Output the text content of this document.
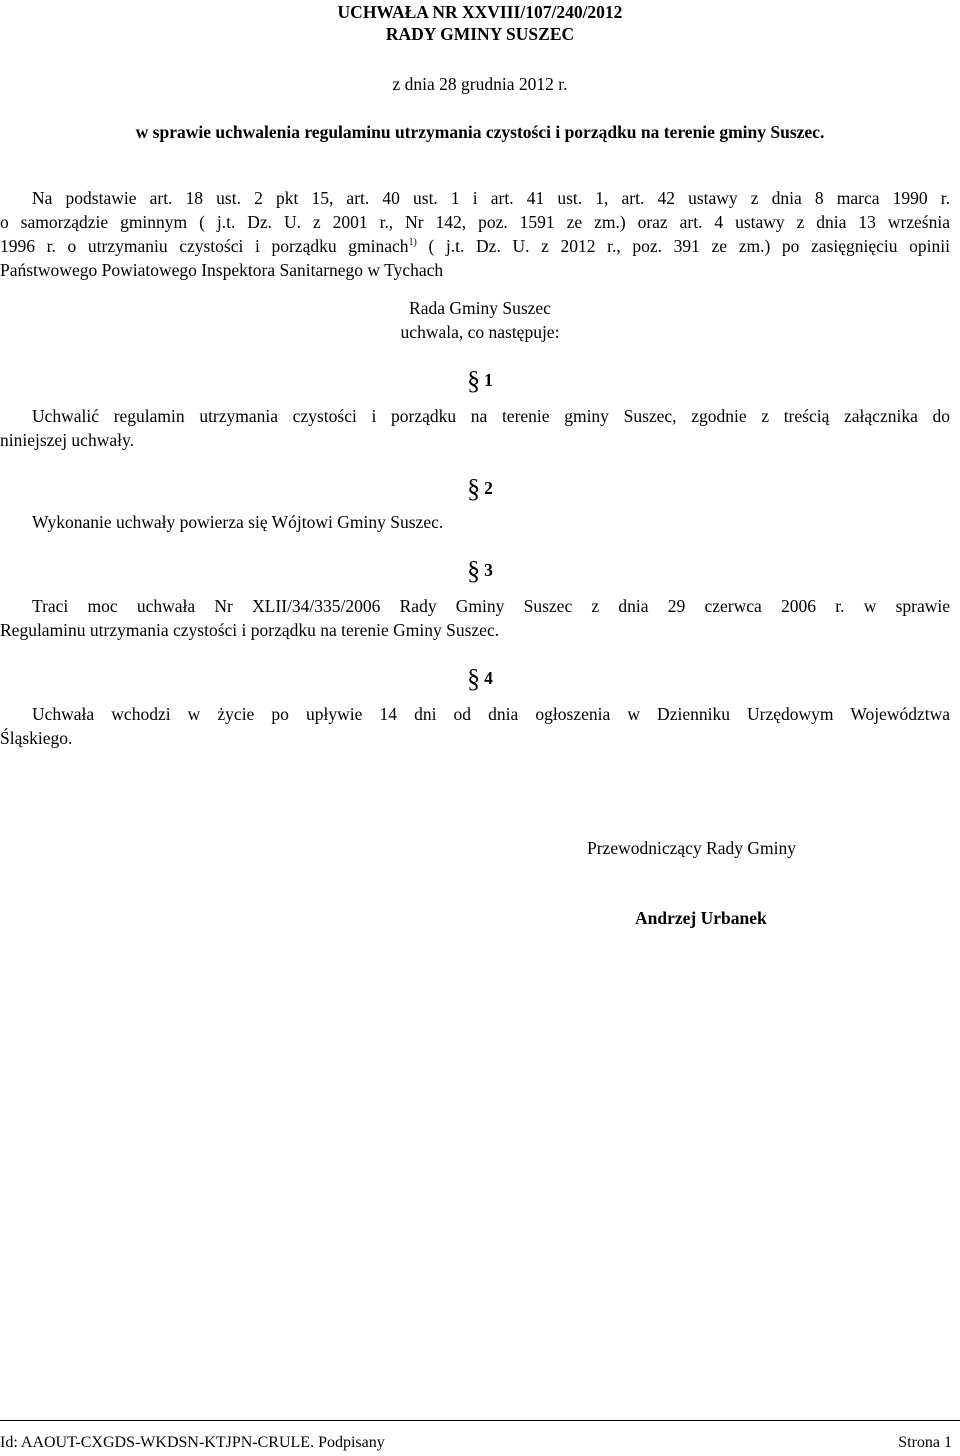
UCHWAŁA NR XXVIII/107/240/2012
RADY GMINY SUSZEC
z dnia 28 grudnia 2012 r.
w sprawie uchwalenia regulaminu utrzymania czystości i porządku na terenie gminy Suszec.
Na podstawie art. 18 ust. 2 pkt 15, art. 40 ust. 1 i art. 41 ust. 1, art. 42 ustawy z dnia 8 marca 1990 r.
o samorządzie gminnym ( j.t. Dz. U. z 2001 r., Nr 142, poz. 1591 ze zm.) oraz art. 4 ustawy z dnia 13 września
1996 r. o utrzymaniu czystości i porządku gminach$^{1)}$ ( j.t. Dz. U. z 2012 r., poz. 391 ze zm.) po zasięgnięciu opinii
Państwowego Powiatowego Inspektora Sanitarnego w Tychach
Rada Gminy Suszec
uchwala, co następuje:
§ 1
Uchwalić regulamin utrzymania czystości i porządku na terenie gminy Suszec, zgodnie z treścią załącznika do
niniejszej uchwały.
§ 2
Wykonanie uchwały powierza się Wójtowi Gminy Suszec.
§ 3
Traci moc uchwała Nr XLII/34/335/2006 Rady Gminy Suszec z dnia 29 czerwca 2006 r. w sprawie
Regulaminu utrzymania czystości i porządku na terenie Gminy Suszec.
§ 4
Uchwała wchodzi w życie po upływie 14 dni od dnia ogłoszenia w Dzienniku Urzędowym Województwa
Śląskiego.
Przewodniczący Rady Gminy
Andrzej Urbanek
Id: AAOUT-CXGDS-WKDSN-KTJPN-CRULE. Podpisany	Strona 1
